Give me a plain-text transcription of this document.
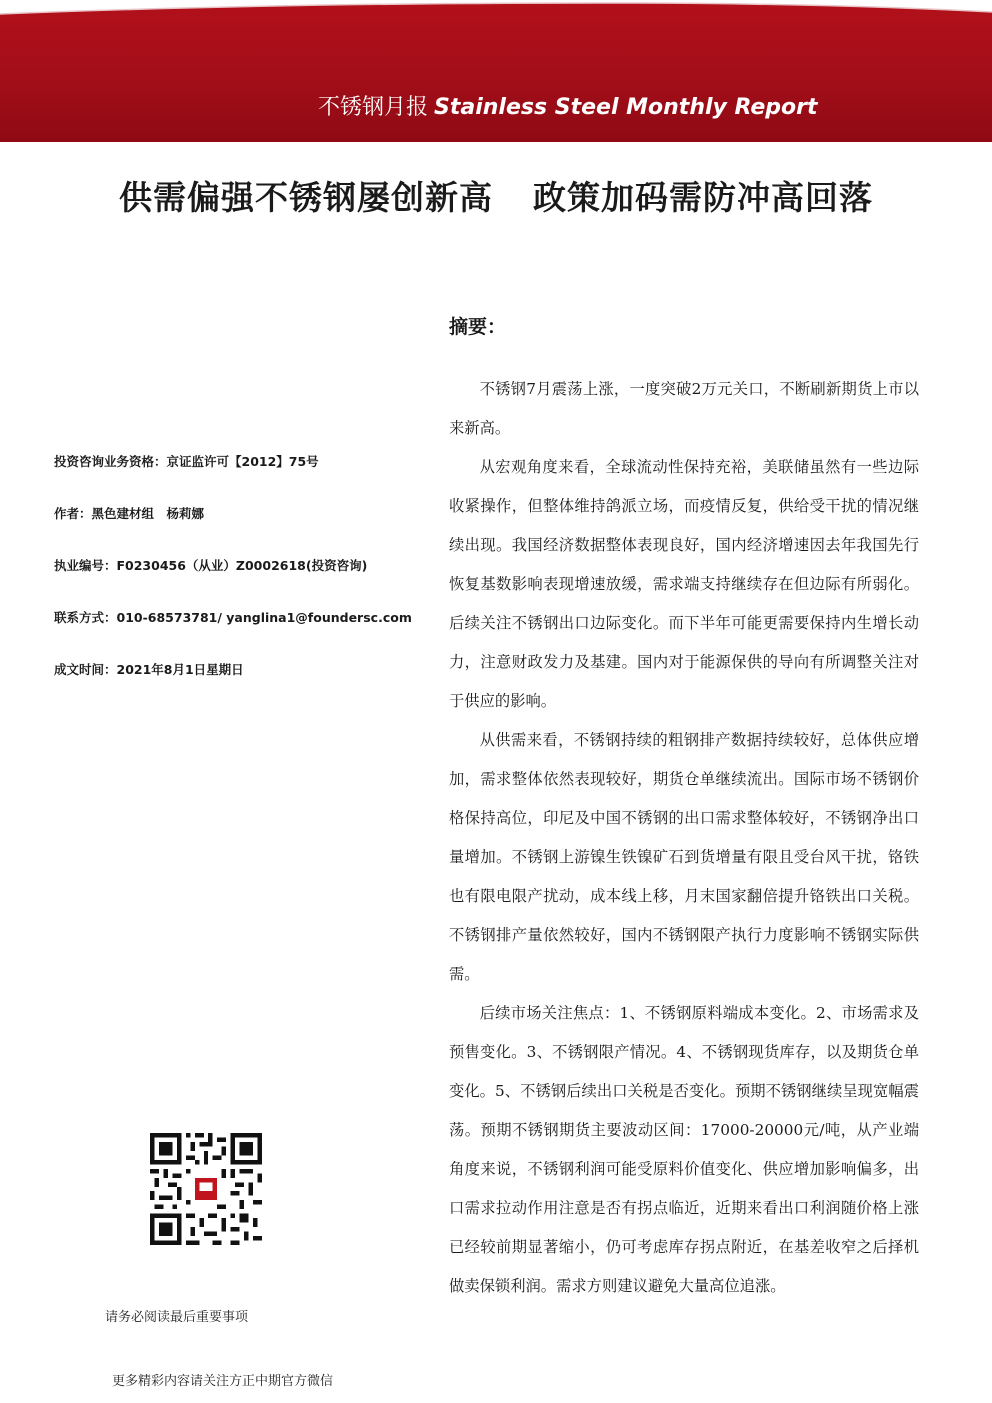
不锈钢月报 Stainless Steel Monthly Report
供需偏强不锈钢屡创新高 政策加码需防冲高回落
摘要：

不锈钢7月震荡上涨，一度突破2万元关口，不断刷新期货上市以来新高。

从宏观角度来看，全球流动性保持充裕，美联储虽然有一些边际收紧操作，但整体维持鸽派立场，而疫情反复，供给受干扰的情况继续出现。我国经济数据整体表现良好，国内经济增速因去年我国先行恢复基数影响表现增速放缓，需求端支持继续存在但边际有所弱化。后续关注不锈钢出口边际变化。而下半年可能更需要保持内生增长动力，注意财政发力及基建。国内对于能源保供的导向有所调整关注对于供应的影响。

从供需来看，不锈钢持续的粗钢排产数据持续较好，总体供应增加，需求整体依然表现较好，期货仓单继续流出。国际市场不锈钢价格保持高位，印尼及中国不锈钢的出口需求整体较好，不锈钢净出口量增加。不锈钢上游镍生铁镍矿石到货增量有限且受台风干扰，铬铁也有限电限产扰动，成本线上移，月末国家翻倍提升铬铁出口关税。不锈钢排产量依然较好，国内不锈钢限产执行力度影响不锈钢实际供需。

后续市场关注焦点：1、不锈钢原料端成本变化。2、市场需求及预售变化。3、不锈钢限产情况。4、不锈钢现货库存，以及期货仓单变化。5、不锈钢后续出口关税是否变化。预期不锈钢继续呈现宽幅震荡。预期不锈钢期货主要波动区间：17000-20000元/吨，从产业端角度来说，不锈钢利润可能受原料价值变化、供应增加影响偏多，出口需求拉动作用注意是否有拐点临近，近期来看出口利润随价格上涨已经较前期显著缩小，仍可考虑库存拐点附近，在基差收窄之后择机做卖保锁利润。需求方则建议避免大量高位追涨。

投资咨询业务资格：京证监许可【2012】75号
作者：黑色建材组　杨莉娜
执业编号：F0230456（从业）Z0002618(投资咨询)
联系方式：010-68573781/ yanglina1@foundersc.com
成文时间：2021年8月1日星期日
请务必阅读最后重要事项
更多精彩内容请关注方正中期官方微信
